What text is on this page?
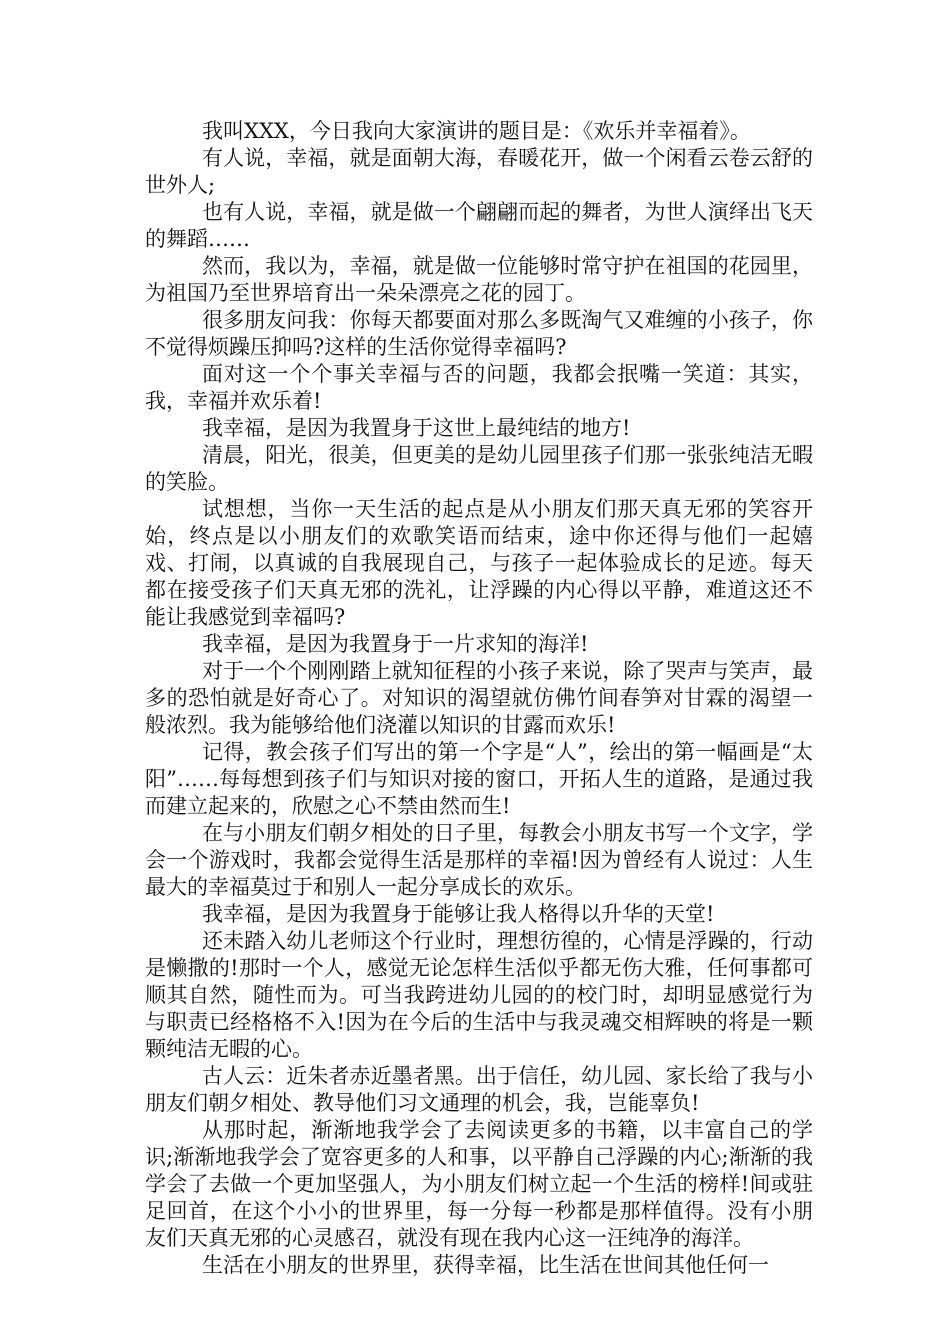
我叫XXX，今日我向大家演讲的题目是：《欢乐并幸福着》。

有人说，幸福，就是面朝大海，春暖花开，做一个闲看云卷云舒的世外人;

也有人说，幸福，就是做一个翩翩而起的舞者，为世人演绎出飞天的舞蹈……

然而，我以为，幸福，就是做一位能够时常守护在祖国的花园里，为祖国乃至世界培育出一朵朵漂亮之花的园丁。

很多朋友问我：你每天都要面对那么多既淘气又难缠的小孩子，你不觉得烦躁压抑吗?这样的生活你觉得幸福吗?

面对这一个个事关幸福与否的问题，我都会抿嘴一笑道：其实，我，幸福并欢乐着!

我幸福，是因为我置身于这世上最纯结的地方!

清晨，阳光，很美，但更美的是幼儿园里孩子们那一张张纯洁无暇的笑脸。

试想想，当你一天生活的起点是从小朋友们那天真无邪的笑容开始，终点是以小朋友们的欢歌笑语而结束，途中你还得与他们一起嬉戏、打闹，以真诚的自我展现自己，与孩子一起体验成长的足迹。每天都在接受孩子们天真无邪的洗礼，让浮躁的内心得以平静，难道这还不能让我感觉到幸福吗?

我幸福，是因为我置身于一片求知的海洋!

对于一个个刚刚踏上就知征程的小孩子来说，除了哭声与笑声，最多的恐怕就是好奇心了。对知识的渴望就仿佛竹间春笋对甘霖的渴望一般浓烈。我为能够给他们浇灌以知识的甘露而欢乐!

记得，教会孩子们写出的第一个字是“人”，绘出的第一幅画是“太阳”……每每想到孩子们与知识对接的窗口，开拓人生的道路，是通过我而建立起来的，欣慰之心不禁由然而生!

在与小朋友们朝夕相处的日子里，每教会小朋友书写一个文字，学会一个游戏时，我都会觉得生活是那样的幸福!因为曾经有人说过：人生最大的幸福莫过于和别人一起分享成长的欢乐。

我幸福，是因为我置身于能够让我人格得以升华的天堂!

还未踏入幼儿老师这个行业时，理想彷徨的，心情是浮躁的，行动是懒撒的!那时一个人，感觉无论怎样生活似乎都无伤大雅，任何事都可顺其自然，随性而为。可当我跨进幼儿园的的校门时，却明显感觉行为与职责已经格格不入!因为在今后的生活中与我灵魂交相辉映的将是一颗颗纯洁无暇的心。

古人云：近朱者赤近墨者黑。出于信任，幼儿园、家长给了我与小朋友们朝夕相处、教导他们习文通理的机会，我，岂能辜负!

从那时起，渐渐地我学会了去阅读更多的书籍，以丰富自己的学识;渐渐地我学会了宽容更多的人和事，以平静自己浮躁的内心;渐渐的我学会了去做一个更加坚强人，为小朋友们树立起一个生活的榜样!间或驻足回首，在这个小小的世界里，每一分每一秒都是那样值得。没有小朋友们天真无邪的心灵感召，就没有现在我内心这一汪纯净的海洋。

生活在小朋友的世界里，获得幸福，比生活在世间其他任何一
